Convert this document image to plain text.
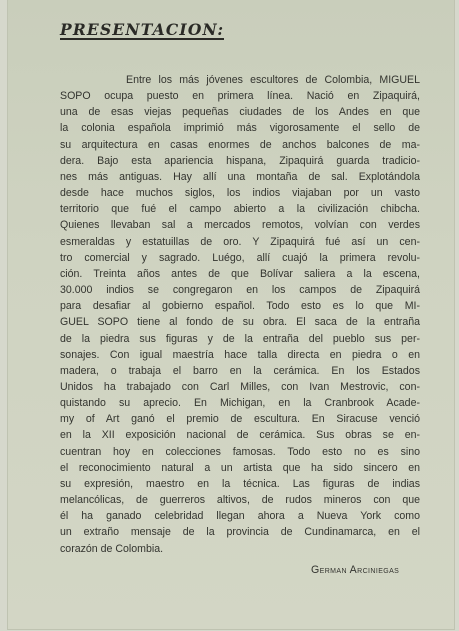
PRESENTACION:
Entre los más jóvenes escultores de Colombia, MIGUEL
SOPO ocupa puesto en primera línea. Nació en Zipaquirá,
una de esas viejas pequeñas ciudades de los Andes en que
la colonia española imprimió más vigorosamente el sello de
su arquitectura en casas enormes de anchos balcones de ma-
dera. Bajo esta apariencia hispana, Zipaquirá guarda tradicio-
nes más antiguas. Hay allí una montaña de sal. Explotándola
desde hace muchos siglos, los indios viajaban por un vasto
territorio que fué el campo abierto a la civilización chibcha.
Quienes llevaban sal a mercados remotos, volvían con verdes
esmeraldas y estatuillas de oro. Y Zipaquirá fué así un cen-
tro comercial y sagrado. Luégo, allí cuajó la primera revolu-
ción. Treinta años antes de que Bolívar saliera a la escena,
30.000 indios se congregaron en los campos de Zipaquirá
para desafiar al gobierno español. Todo esto es lo que MI-
GUEL SOPO tiene al fondo de su obra. El saca de la entraña
de la piedra sus figuras y de la entraña del pueblo sus per-
sonajes. Con igual maestría hace talla directa en piedra o en
madera, o trabaja el barro en la cerámica. En los Estados
Unidos ha trabajado con Carl Milles, con Ivan Mestrovic, con-
quistando su aprecio. En Michigan, en la Cranbrook Acade-
my of Art ganó el premio de escultura. En Siracuse venció
en la XII exposición nacional de cerámica. Sus obras se en-
cuentran hoy en colecciones famosas. Todo esto no es sino
el reconocimiento natural a un artista que ha sido sincero en
su expresión, maestro en la técnica. Las figuras de indias
melancólicas, de guerreros altivos, de rudos mineros con que
él ha ganado celebridad llegan ahora a Nueva York como
un extraño mensaje de la provincia de Cundinamarca, en el
corazón de Colombia.
German Arciniegas
